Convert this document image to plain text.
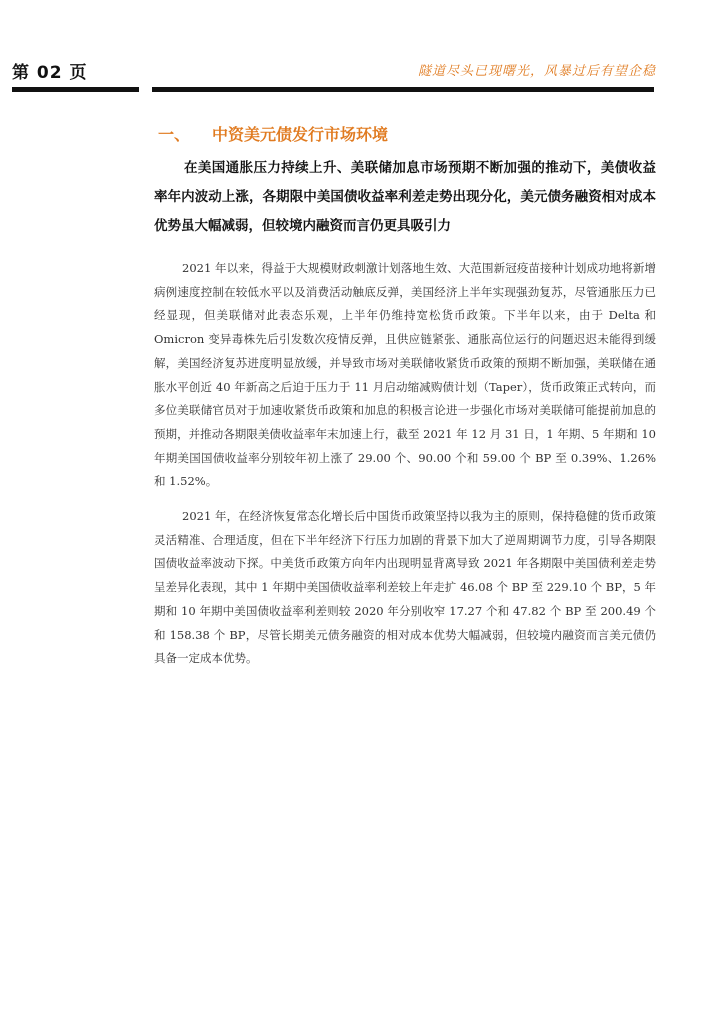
第 02 页	隧道尽头已现曙光，风暴过后有望企稳
一、 中资美元债发行市场环境

在美国通胀压力持续上升、美联储加息市场预期不断加强的推动下，美债收益率年内波动上涨，各期限中美国债收益率利差走势出现分化，美元债务融资相对成本优势虽大幅减弱，但较境内融资而言仍更具吸引力

2021 年以来，得益于大规模财政刺激计划落地生效、大范围新冠疫苗接种计划成功地将新增病例速度控制在较低水平以及消费活动触底反弹，美国经济上半年实现强劲复苏，尽管通胀压力已经显现，但美联储对此表态乐观，上半年仍维持宽松货币政策。下半年以来，由于 Delta 和 Omicron 变异毒株先后引发数次疫情反弹，且供应链紧张、通胀高位运行的问题迟迟未能得到缓解，美国经济复苏进度明显放缓，并导致市场对美联储收紧货币政策的预期不断加强，美联储在通胀水平创近 40 年新高之后迫于压力于 11 月启动缩减购债计划（Taper），货币政策正式转向，而多位美联储官员对于加速收紧货币政策和加息的积极言论进一步强化市场对美联储可能提前加息的预期，并推动各期限美债收益率年末加速上行，截至 2021 年 12 月 31 日，1 年期、5 年期和 10 年期美国国债收益率分别较年初上涨了 29.00 个、90.00 个和 59.00 个 BP 至 0.39%、1.26%和 1.52%。

2021 年，在经济恢复常态化增长后中国货币政策坚持以我为主的原则，保持稳健的货币政策灵活精准、合理适度，但在下半年经济下行压力加剧的背景下加大了逆周期调节力度，引导各期限国债收益率波动下探。中美货币政策方向年内出现明显背离导致 2021 年各期限中美国债利差走势呈差异化表现，其中 1 年期中美国债收益率利差较上年走扩 46.08 个 BP 至 229.10 个 BP，5 年期和 10 年期中美国债收益率利差则较 2020 年分别收窄 17.27 个和 47.82 个 BP 至 200.49 个和 158.38 个 BP，尽管长期美元债务融资的相对成本优势大幅减弱，但较境内融资而言美元债仍具备一定成本优势。
